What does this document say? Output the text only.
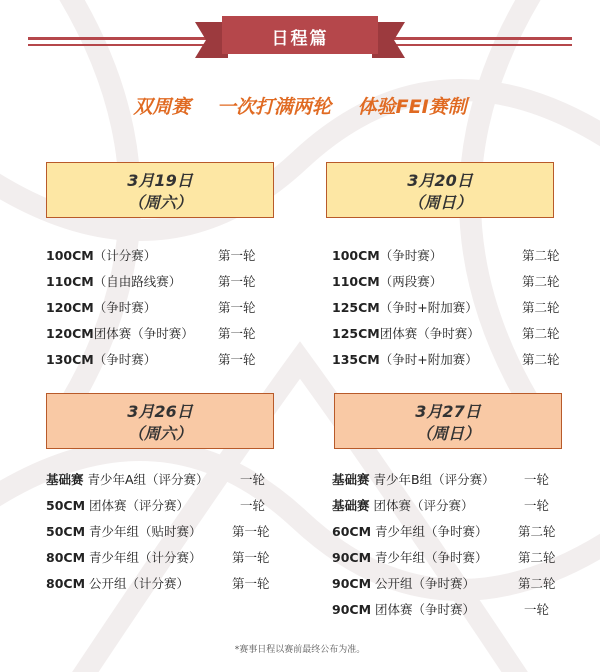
日程篇
双周赛 一次打满两轮 体验FEI赛制
3月19日
（周六）
100CM（计分赛）	第一轮
110CM（自由路线赛）	第一轮
120CM（争时赛）	第一轮
120CM团体赛（争时赛） 第一轮
130CM（争时赛）	第一轮
3月20日
（周日）
100CM（争时赛）	第二轮
110CM（两段赛）	第二轮
125CM（争时+附加赛）	第二轮
125CM团体赛（争时赛）	第二轮
135CM（争时+附加赛）	第二轮
3月26日
（周六）
基础赛 青少年A组（评分赛）	一轮
50CM 团体赛（评分赛）	一轮
50CM 青少年组（贴时赛） 第一轮
80CM 青少年组（计分赛） 第一轮
80CM 公开组（计分赛）	第一轮
3月27日
（周日）
基础赛 青少年B组（评分赛） 一轮
基础赛 团体赛（评分赛）	一轮
60CM 青少年组（争时赛） 第二轮
90CM 青少年组（争时赛） 第二轮
90CM 公开组（争时赛）	第二轮
90CM 团体赛（争时赛）	一轮
*赛事日程以赛前最终公布为准。
